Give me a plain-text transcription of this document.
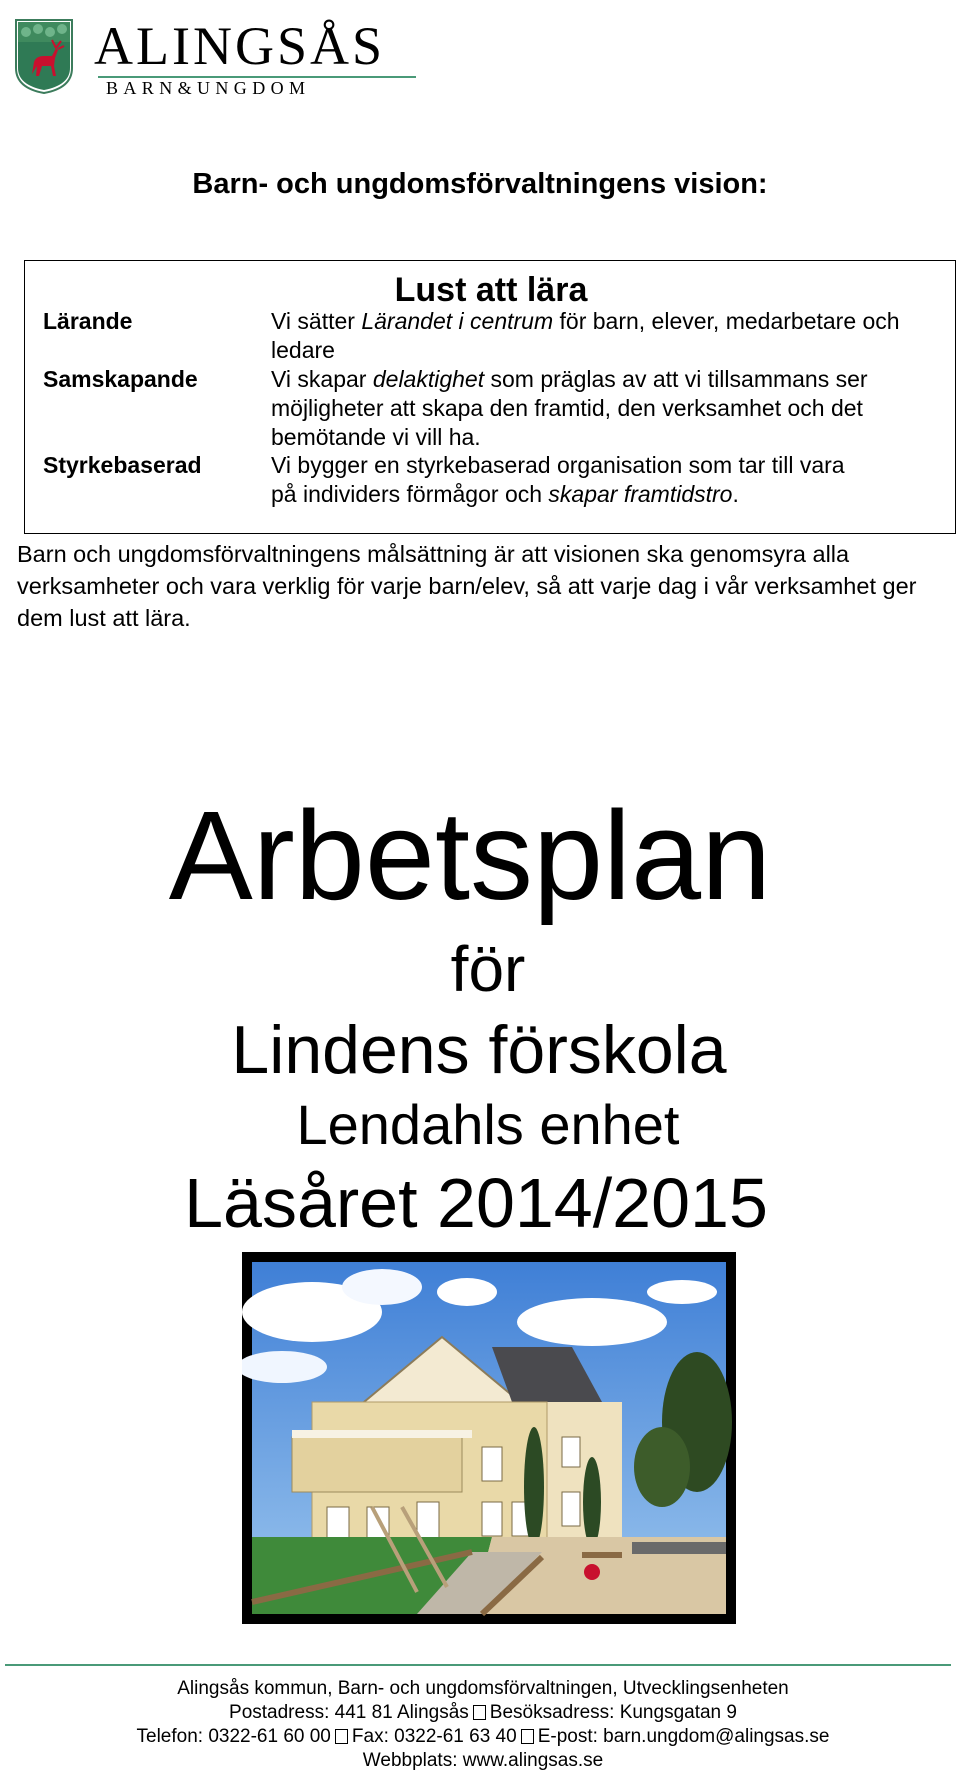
ALINGSÅS
BARN&UNGDOM
Barn- och ungdomsförvaltningens vision:
Lust att lära
Lärande	Vi sätter Lärandet i centrum för barn, elever, medarbetare och ledare
Samskapande	Vi skapar delaktighet som präglas av att vi tillsammans ser möjligheter att skapa den framtid, den verksamhet och det bemötande vi vill ha.
Styrkebaserad	Vi bygger en styrkebaserad organisation som tar till vara på individers förmågor och skapar framtidstro.
Barn och ungdomsförvaltningens målsättning är att visionen ska genomsyra alla verksamheter och vara verklig för varje barn/elev, så att varje dag i vår verksamhet ger dem lust att lära.
Arbetsplan
för
Lindens förskola
Lendahls enhet
Läsåret 2014/2015
Alingsås kommun, Barn- och ungdomsförvaltningen, Utvecklingsenheten
Postadress: 441 81 Alingsås Besöksadress: Kungsgatan 9
Telefon: 0322-61 60 00 Fax: 0322-61 63 40 E-post: barn.ungdom@alingsas.se
Webbplats: www.alingsas.se
